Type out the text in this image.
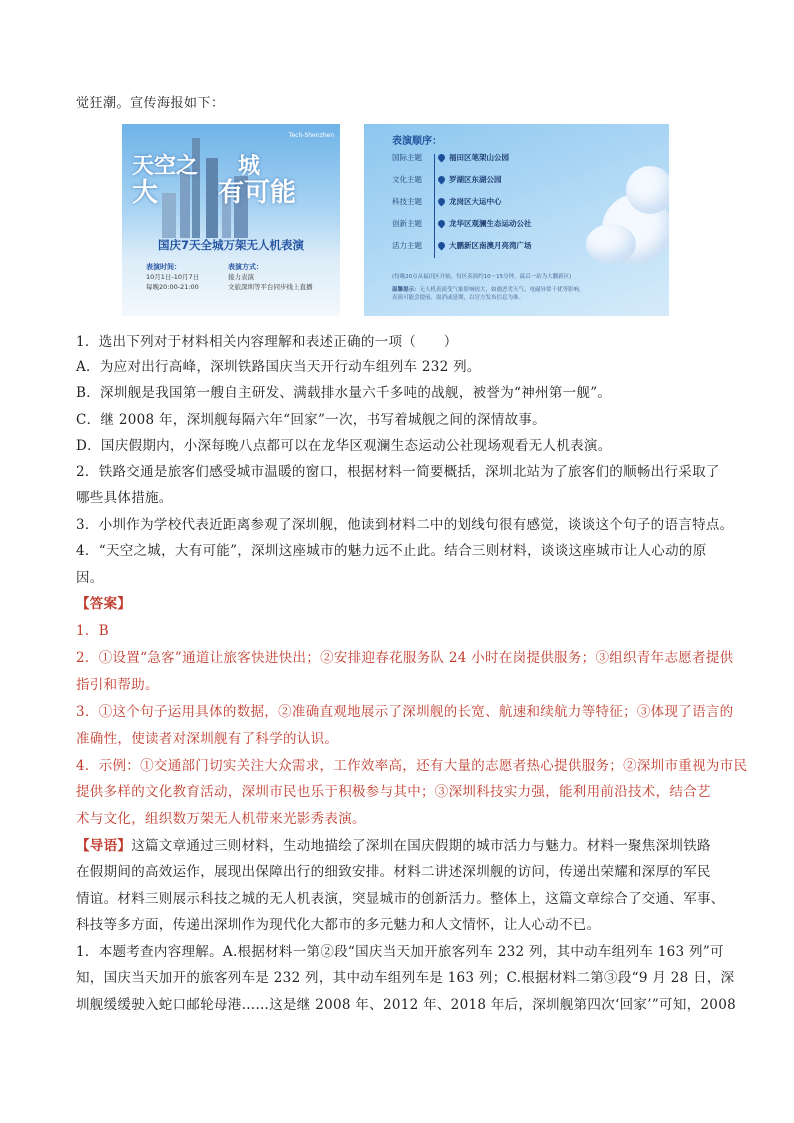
觉狂潮。宣传海报如下：
Tech-Shenzhen
天空之 城
大 有可能
国庆7天全城万架无人机表演
表演时间：
10月1日-10月7日
每晚20:00-21:00
表演方式：
接力表演
文旅深圳等平台同步线上直播
表演顺序：
国际主题	福田区笔架山公园
文化主题	罗湖区东湖公园
科技主题	龙岗区大运中心
创新主题	龙华区观澜生态运动公社
活力主题	大鹏新区南澳月亮湾广场
(每晚20点从福田区开始，每区表演约10～15分钟，最后一站为大鹏新区)
温馨提示：无人机表演受气象影响较大，如遇恶劣天气、电磁异常干扰等影响，
表演可能会提前、取消或延期，以官方发布信息为准。
1．选出下列对于材料相关内容理解和表述正确的一项（　　）
A．为应对出行高峰，深圳铁路国庆当天开行动车组列车 232 列。
B．深圳舰是我国第一艘自主研发、满载排水量六千多吨的战舰，被誉为“神州第一舰”。
C．继 2008 年，深圳舰每隔六年“回家”一次，书写着城舰之间的深情故事。
D．国庆假期内，小深每晚八点都可以在龙华区观澜生态运动公社现场观看无人机表演。
2．铁路交通是旅客们感受城市温暖的窗口，根据材料一简要概括，深圳北站为了旅客们的顺畅出行采取了
哪些具体措施。
3．小圳作为学校代表近距离参观了深圳舰，他读到材料二中的划线句很有感觉，谈谈这个句子的语言特点。
4．“天空之城，大有可能”，深圳这座城市的魅力远不止此。结合三则材料，谈谈这座城市让人心动的原
因。
【答案】
1．B
2．①设置“急客”通道让旅客快进快出；②安排迎春花服务队 24 小时在岗提供服务；③组织青年志愿者提供
指引和帮助。
3．①这个句子运用具体的数据，②准确直观地展示了深圳舰的长宽、航速和续航力等特征；③体现了语言的
准确性，使读者对深圳舰有了科学的认识。
4．示例：①交通部门切实关注大众需求，工作效率高，还有大量的志愿者热心提供服务；②深圳市重视为市民
提供多样的文化教育活动，深圳市民也乐于积极参与其中；③深圳科技实力强，能利用前沿技术，结合艺
术与文化，组织数万架无人机带来光影秀表演。
【导语】这篇文章通过三则材料，生动地描绘了深圳在国庆假期的城市活力与魅力。材料一聚焦深圳铁路
在假期间的高效运作，展现出保障出行的细致安排。材料二讲述深圳舰的访问，传递出荣耀和深厚的军民
情谊。材料三则展示科技之城的无人机表演，突显城市的创新活力。整体上，这篇文章综合了交通、军事、
科技等多方面，传递出深圳作为现代化大都市的多元魅力和人文情怀，让人心动不已。
1．本题考查内容理解。A.根据材料一第②段“国庆当天加开旅客列车 232 列，其中动车组列车 163 列”可
知，国庆当天加开的旅客列车是 232 列，其中动车组列车是 163 列；C.根据材料二第③段“9 月 28 日，深
圳舰缓缓驶入蛇口邮轮母港……这是继 2008 年、2012 年、2018 年后，深圳舰第四次‘回家’”可知，2008
